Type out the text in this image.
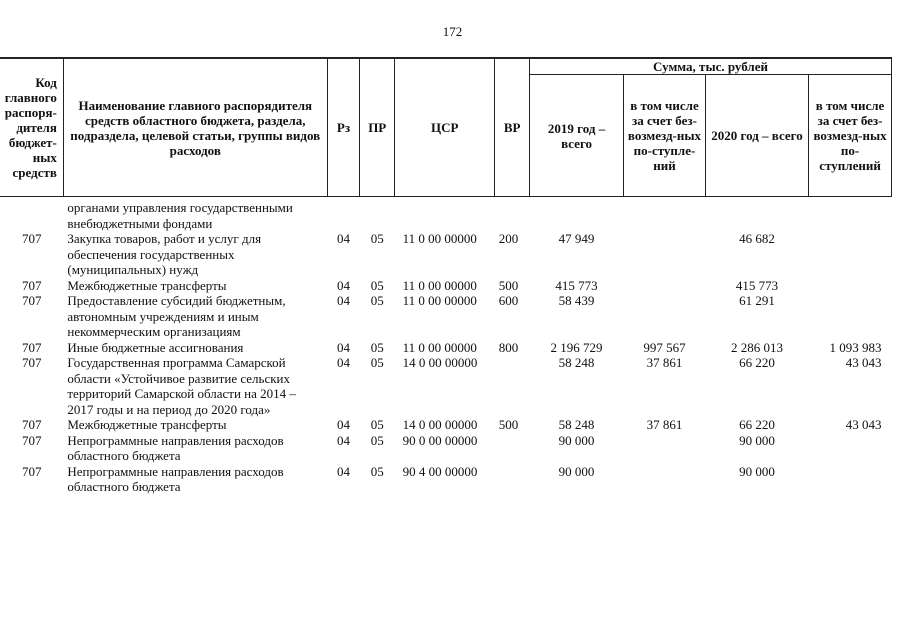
172
Код главного распоря-дителя бюджет-ных средств	Наименование главного распорядителя средств областного бюджета, раздела, подраздела, целевой статьи, группы видов расходов	Рз	ПР	ЦСР	ВР	Сумма, тыс. рублей			
						2019 год – всего	в том числе за счет без-возмезд-ных по-ступле-ний	2020 год – всего	в том числе за счет без-возмезд-ных по-ступлений
	органами управления государственными внебюджетными фондами								
707	Закупка товаров, работ и услуг для обеспечения государственных (муниципальных) нужд	04	05	11 0 00 00000	200	47 949		46 682	
707	Межбюджетные трансферты	04	05	11 0 00 00000	500	415 773		415 773	
707	Предоставление субсидий бюджетным, автономным учреждениям и иным некоммерческим организациям	04	05	11 0 00 00000	600	58 439		61 291	
707	Иные бюджетные ассигнования	04	05	11 0 00 00000	800	2 196 729	997 567	2 286 013	1 093 983
707	Государственная программа Самарской области «Устойчивое развитие сельских территорий Самарской области на 2014 – 2017 годы и на период до 2020 года»	04	05	14 0 00 00000		58 248	37 861	66 220	43 043
707	Межбюджетные трансферты	04	05	14 0 00 00000	500	58 248	37 861	66 220	43 043
707	Непрограммные направления расходов областного бюджета	04	05	90 0 00 00000		90 000		90 000	
707	Непрограммные направления расходов областного бюджета	04	05	90 4 00 00000		90 000		90 000	
